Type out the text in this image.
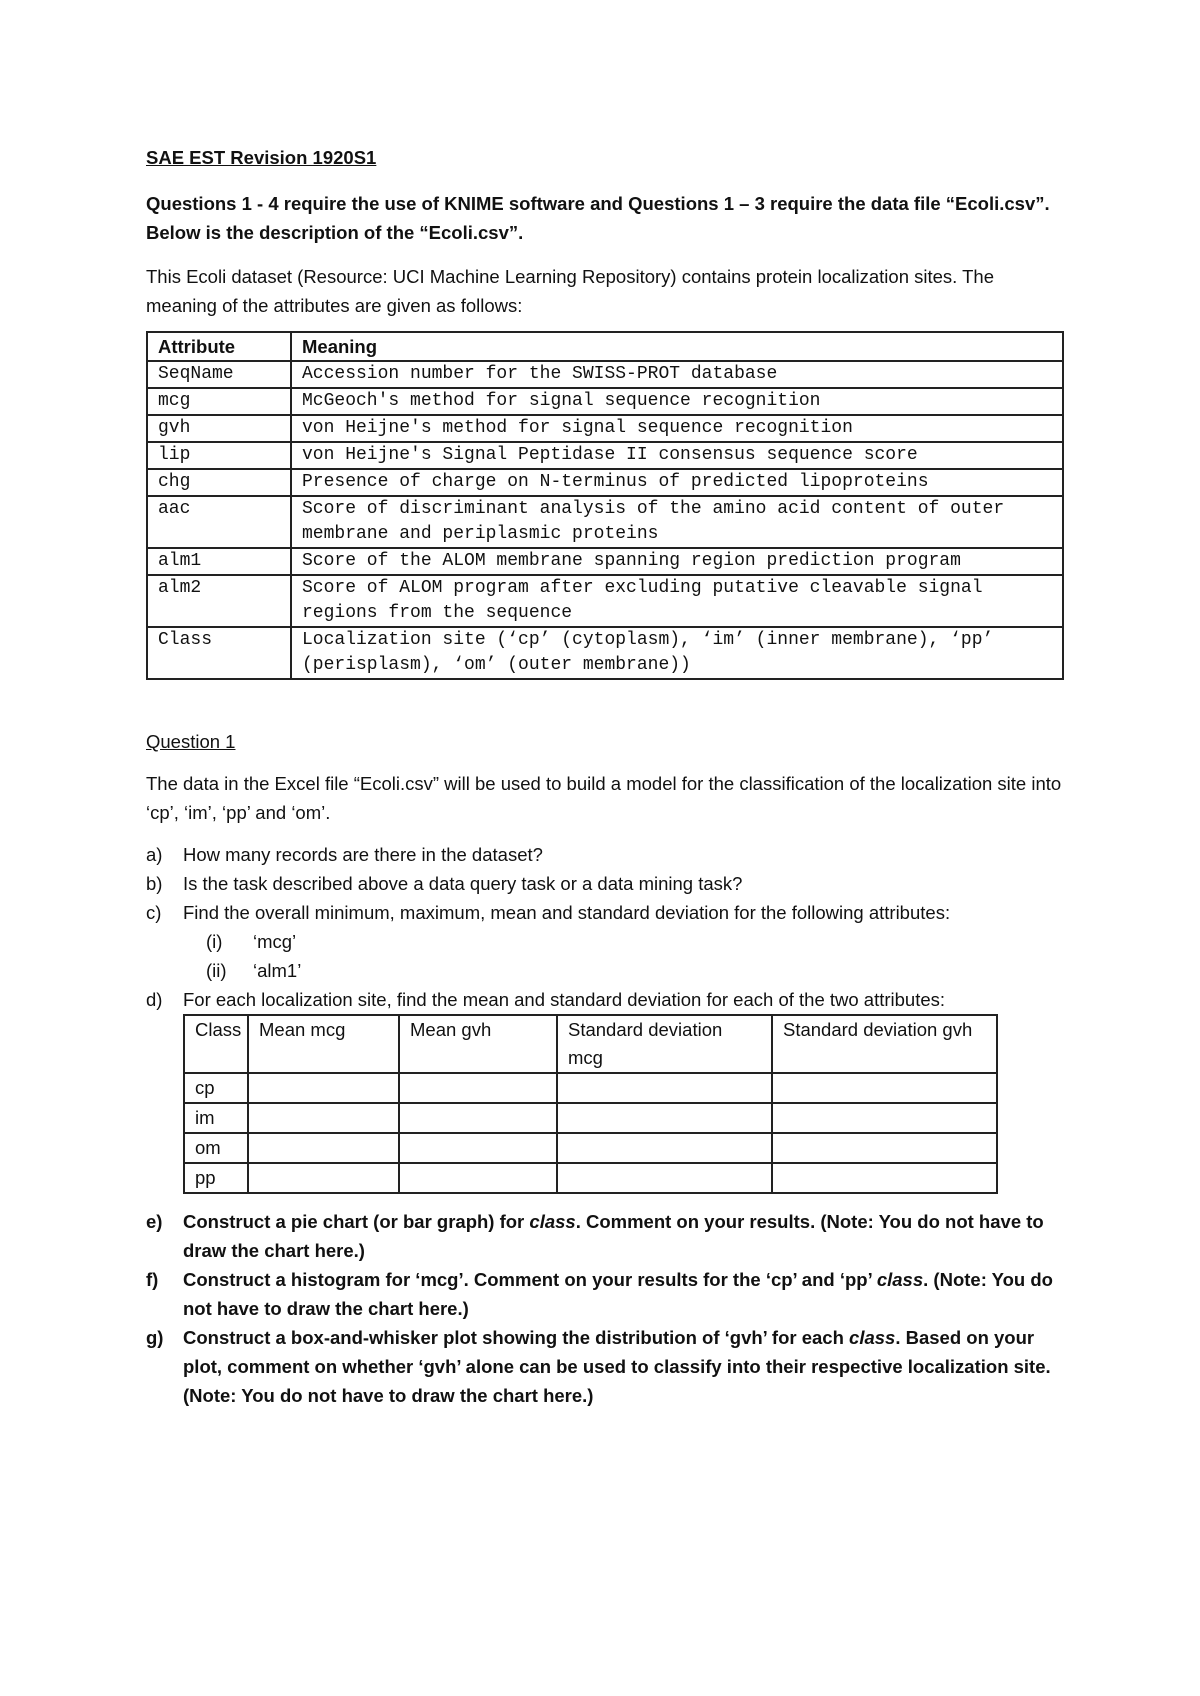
SAE EST Revision 1920S1

Questions 1 - 4 require the use of KNIME software and Questions 1 – 3 require the data file “Ecoli.csv”. Below is the description of the “Ecoli.csv”.

This Ecoli dataset (Resource: UCI Machine Learning Repository) contains protein localization sites. The meaning of the attributes are given as follows:

Attribute	Meaning
SeqName	Accession number for the SWISS-PROT database
mcg	McGeoch's method for signal sequence recognition
gvh	von Heijne's method for signal sequence recognition
lip	von Heijne's Signal Peptidase II consensus sequence score
chg	Presence of charge on N-terminus of predicted lipoproteins
aac	Score of discriminant analysis of the amino acid content of outer membrane and periplasmic proteins
alm1	Score of the ALOM membrane spanning region prediction program
alm2	Score of ALOM program after excluding putative cleavable signal regions from the sequence
Class	Localization site (‘cp’ (cytoplasm), ‘im’ (inner membrane), ‘pp’ (perisplasm), ‘om’ (outer membrane))

Question 1

The data in the Excel file “Ecoli.csv” will be used to build a model for the classification of the localization site into ‘cp’, ‘im’, ‘pp’ and ‘om’.

a) How many records are there in the dataset?
b) Is the task described above a data query task or a data mining task?
c) Find the overall minimum, maximum, mean and standard deviation for the following attributes:
(i) ‘mcg’
(ii) ‘alm1’
d) For each localization site, find the mean and standard deviation for each of the two attributes:
Class	Mean mcg	Mean gvh	Standard deviation mcg	Standard deviation gvh
cp				
im				
om				
pp				
e) Construct a pie chart (or bar graph) for class. Comment on your results. (Note: You do not have to draw the chart here.)
f) Construct a histogram for ‘mcg’. Comment on your results for the ‘cp’ and ‘pp’ class. (Note: You do not have to draw the chart here.)
g) Construct a box-and-whisker plot showing the distribution of ‘gvh’ for each class. Based on your plot, comment on whether ‘gvh’ alone can be used to classify into their respective localization site. (Note: You do not have to draw the chart here.)
